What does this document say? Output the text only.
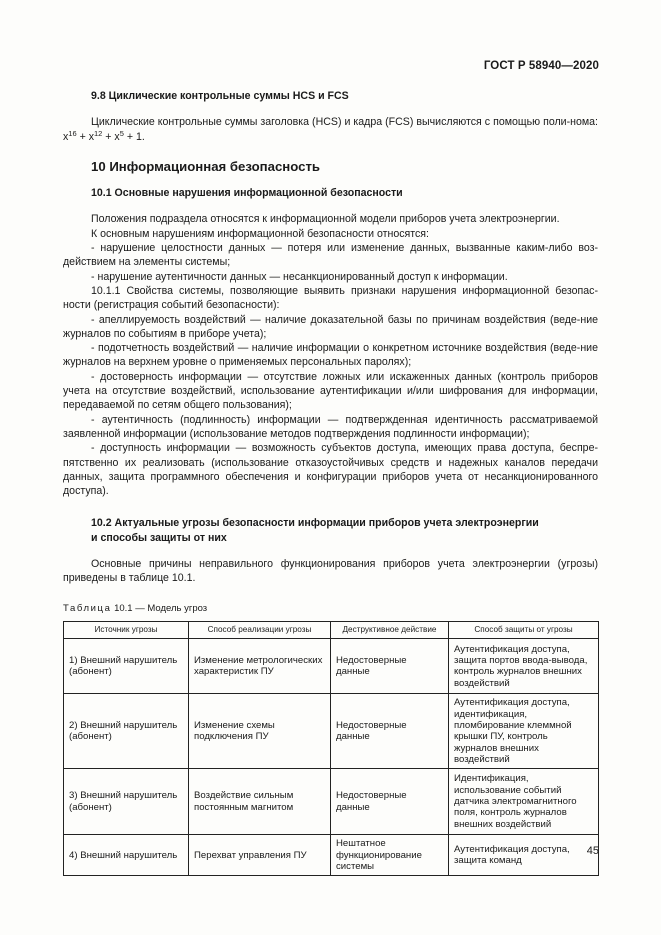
ГОСТ Р 58940—2020
9.8 Циклические контрольные суммы HCS и FCS

Циклические контрольные суммы заголовка (HCS) и кадра (FCS) вычисляются с помощью поли-нома: $x^{16} + x^{12} + x^5 + 1$.

10 Информационная безопасность
10.1 Основные нарушения информационной безопасности

Положения подраздела относятся к информационной модели приборов учета электроэнергии.

К основным нарушениям информационной безопасности относятся:

- нарушение целостности данных — потеря или изменение данных, вызванные каким-либо воз-действием на элементы системы;

- нарушение аутентичности данных — несанкционированный доступ к информации.

10.1.1 Свойства системы, позволяющие выявить признаки нарушения информационной безопас-ности (регистрация событий безопасности):

- апеллируемость воздействий — наличие доказательной базы по причинам воздействия (веде-ние журналов по событиям в приборе учета);

- подотчетность воздействий — наличие информации о конкретном источнике воздействия (веде-ние журналов на верхнем уровне о применяемых персональных паролях);

- достоверность информации — отсутствие ложных или искаженных данных (контроль приборов учета на отсутствие воздействий, использование аутентификации и/или шифрования для информации, передаваемой по сетям общего пользования);

- аутентичность (подлинность) информации — подтвержденная идентичность рассматриваемой заявленной информации (использование методов подтверждения подлинности информации);

- доступность информации — возможность субъектов доступа, имеющих права доступа, беспре-пятственно их реализовать (использование отказоустойчивых средств и надежных каналов передачи данных, защита программного обеспечения и конфигурации приборов учета от несанкционированного доступа).

10.2 Актуальные угрозы безопасности информации приборов учета электроэнергии
и способы защиты от них

Основные причины неправильного функционирования приборов учета электроэнергии (угрозы) приведены в таблице 10.1.

Таблица 10.1 — Модель угроз

Источник угрозы	Способ реализации угрозы	Деструктивное действие	Способ защиты от угрозы
1) Внешний нарушитель (абонент)	Изменение метрологических характеристик ПУ	Недостоверные данные	Аутентификация доступа, защита портов ввода-вывода, контроль журналов внешних воздействий
2) Внешний нарушитель (абонент)	Изменение схемы подключения ПУ	Недостоверные данные	Аутентификация доступа, идентификация, пломбирование клеммной крышки ПУ, контроль журналов внешних воздействий
3) Внешний нарушитель (абонент)	Воздействие сильным постоянным магнитом	Недостоверные данные	Идентификация, использование событий датчика электромагнитного поля, контроль журналов внешних воздействий
4) Внешний нарушитель	Перехват управления ПУ	Нештатное функционирование системы	Аутентификация доступа, защита команд
45
